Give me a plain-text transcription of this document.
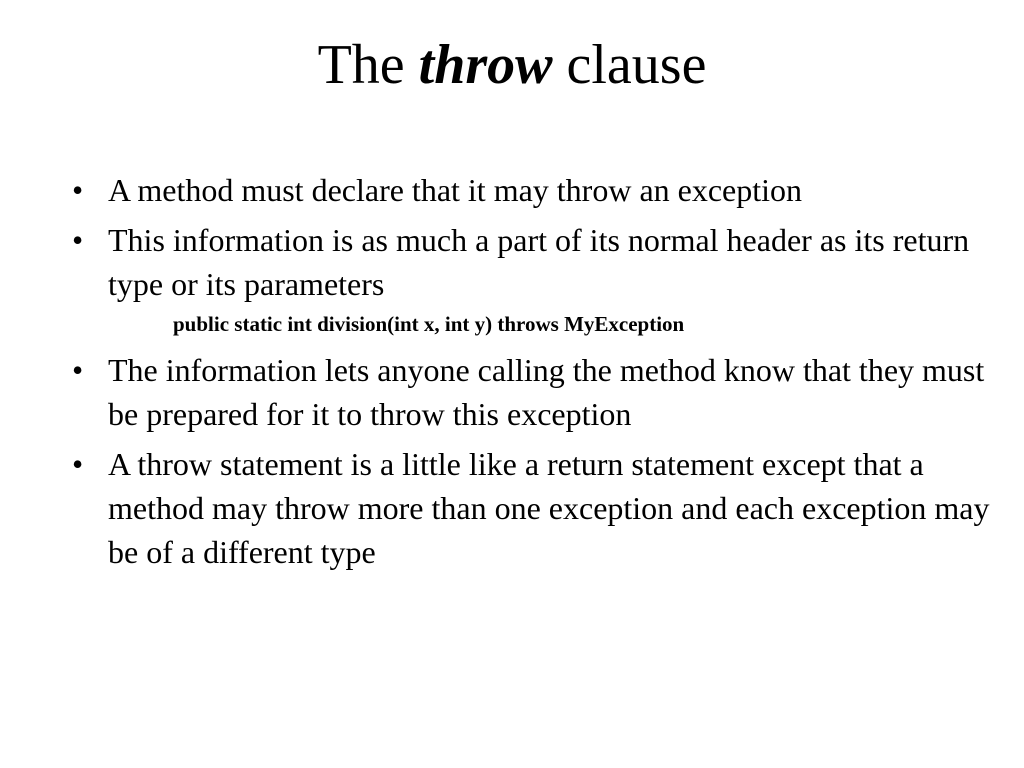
The throw clause
• A method must declare that it may throw an exception
• This information is as much a part of its normal header as its return type or its parameters
public static int division(int x, int y) throws MyException
• The information lets anyone calling the method know that they must be prepared for it to throw this exception
• A throw statement is a little like a return statement except that a method may throw more than one exception and each exception may be of a different type
